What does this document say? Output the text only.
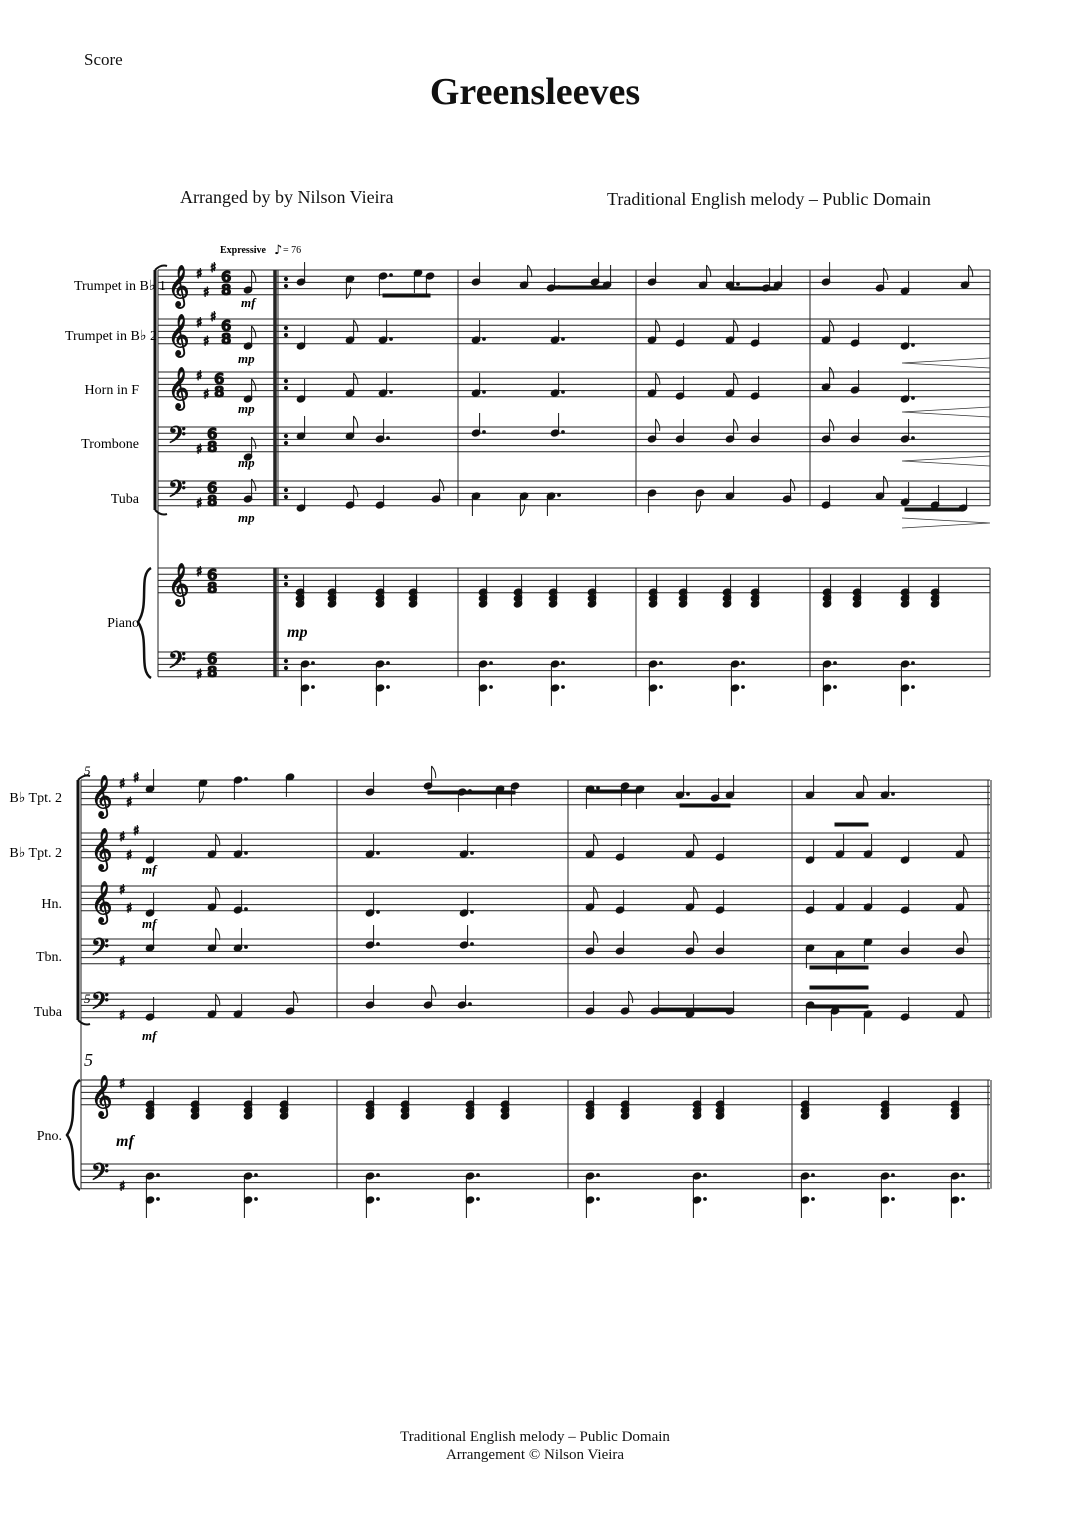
Score
Greensleeves
Arranged by by Nilson Vieira	Traditional English melody – Public Domain
𝄞 ♯
♯
♯ 6
8
𝄞 ♯
♯
♯ 6
8
𝄞 ♯
♯
6
8
𝄢 ♯
6
8
𝄢 ♯
6
8
𝄞 ♯ 6
8
𝄢 ♯
6
8
𝄞 ♯
♯
♯
𝄞 ♯
♯
♯
𝄞 ♯
♯
𝄢 ♯
𝄢 ♯
𝄞 ♯
𝄢 ♯
Trumpet in B♭ 1
Trumpet in B♭ 2
Horn in F
Trombone
Tuba
Piano
B♭ Tpt. 2
B♭ Tpt. 2
Hn.
Tbn.
Tuba
Pno.
Expressive ♪ = 76
5
5
5
mf
mp
mp
mp
mp
mp
mf
mf
mf
mf
Traditional English melody – Public Domain
Arrangement © Nilson Vieira
